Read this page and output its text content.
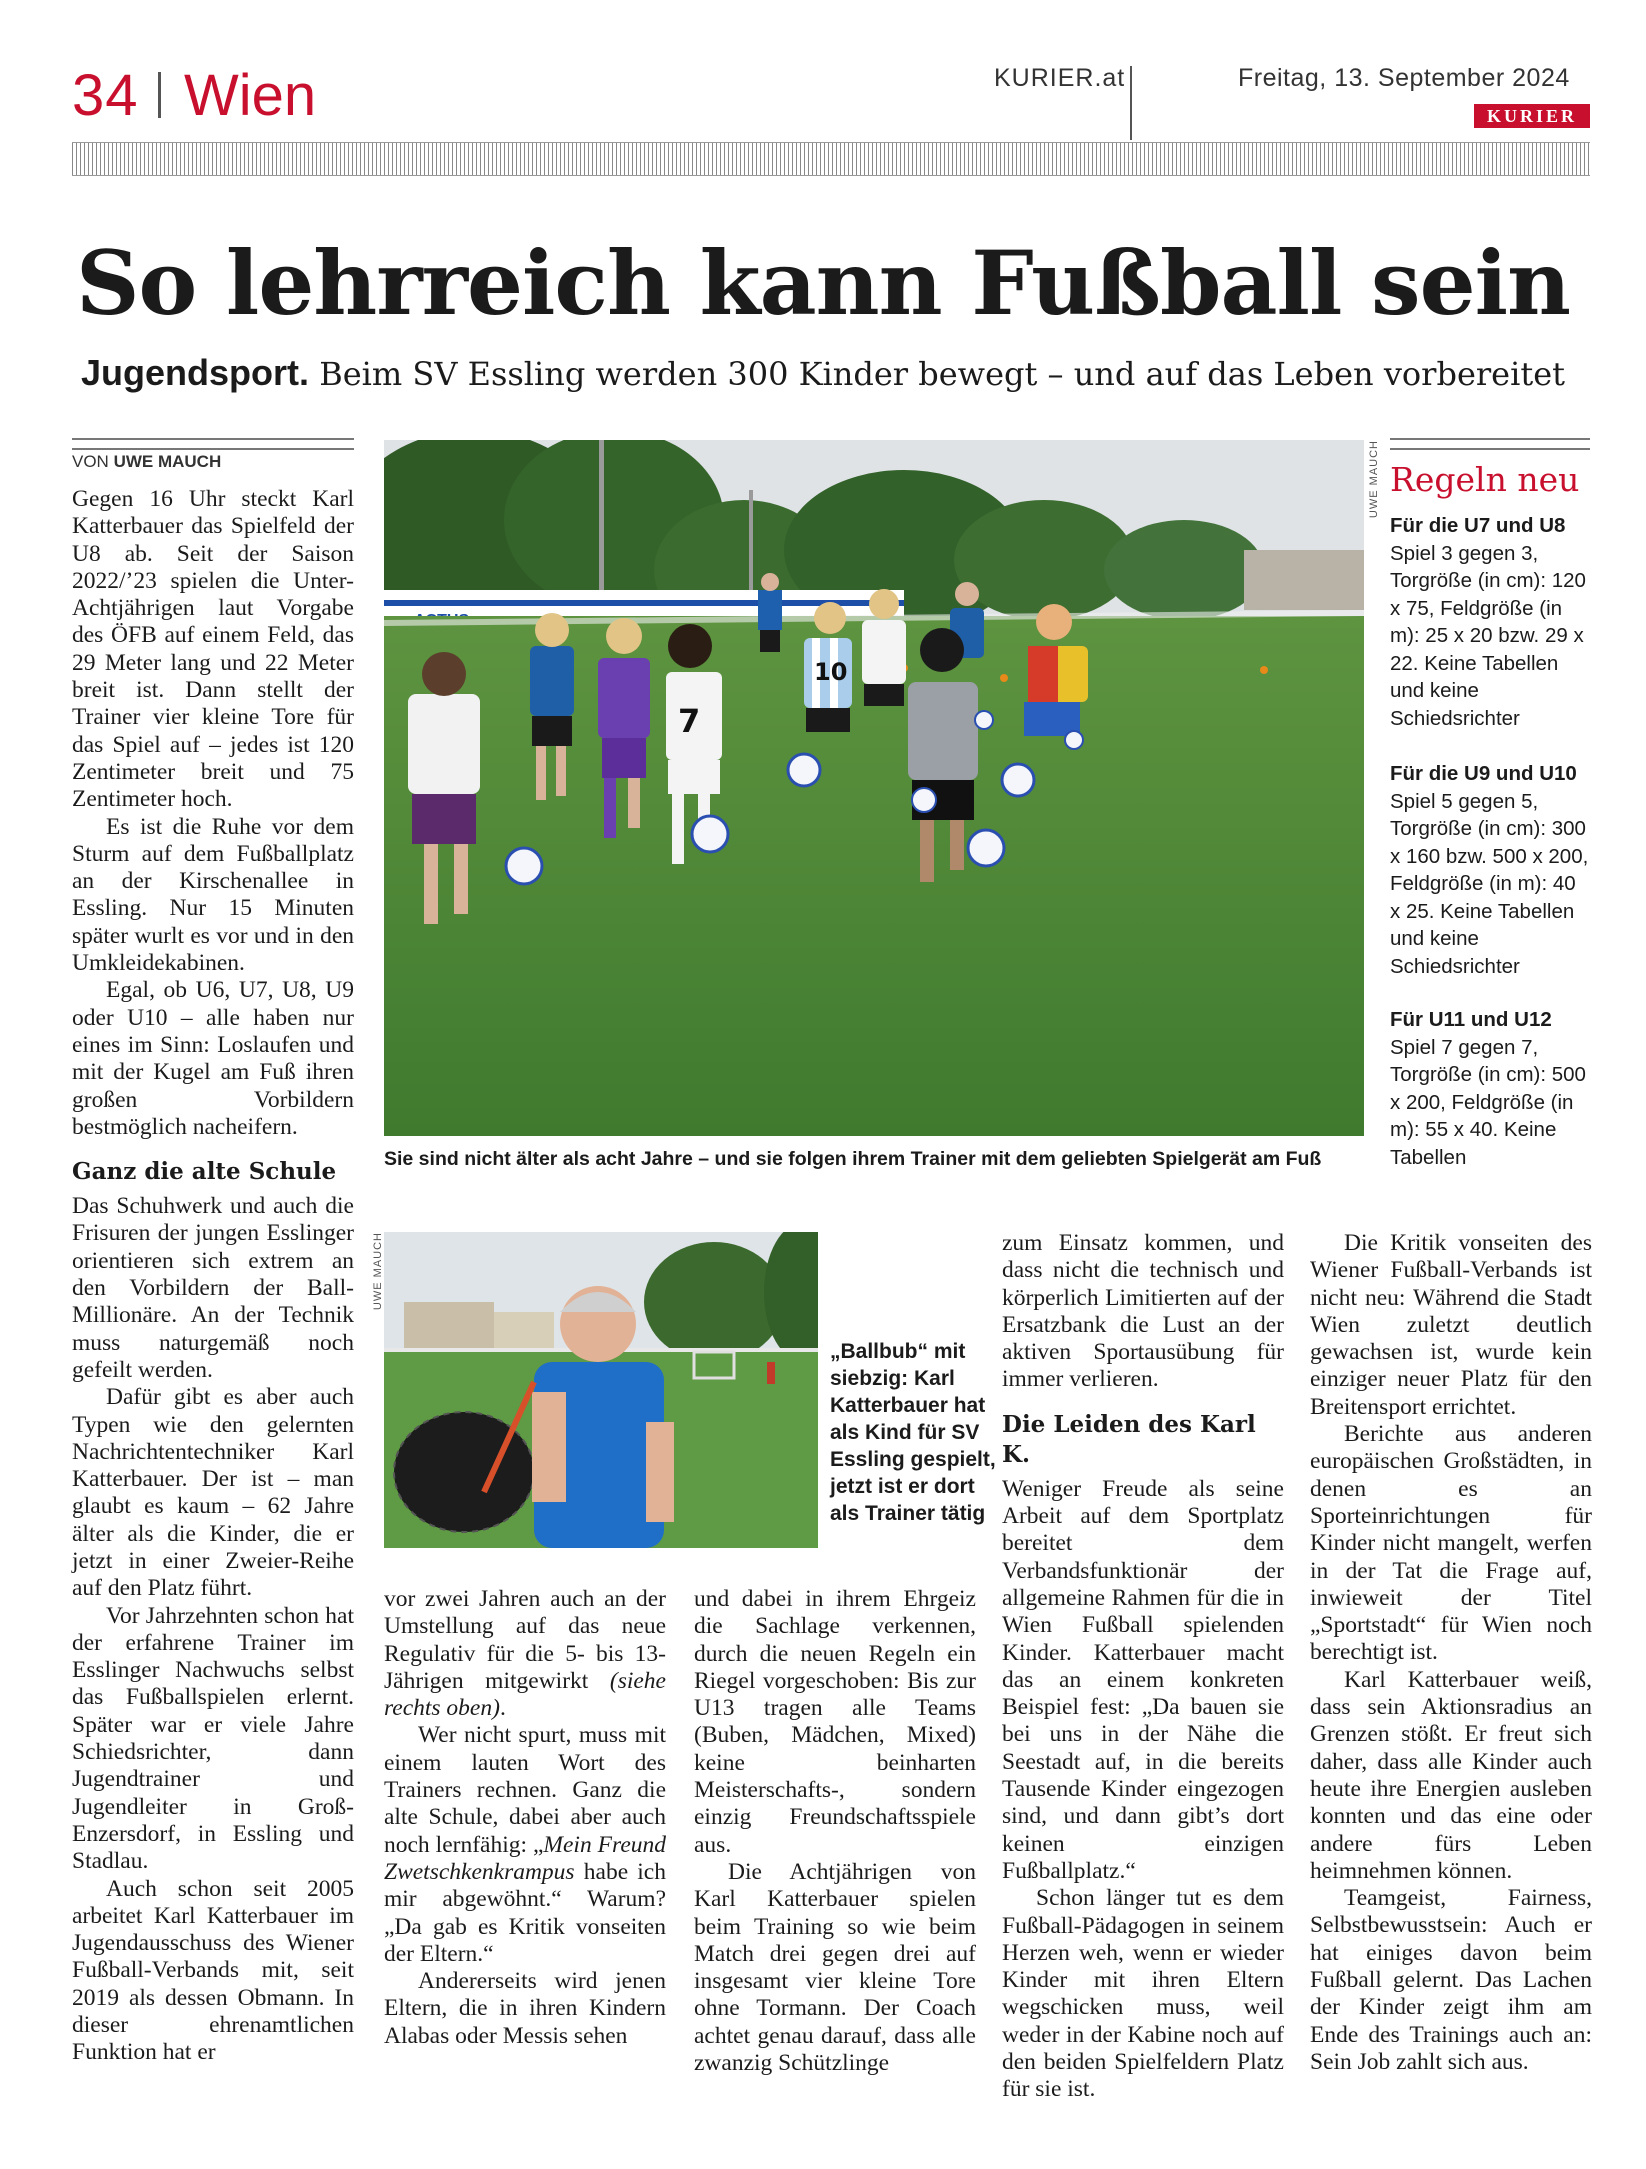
34 Wien	KURIER.at	Freitag, 13. September 2024
KURIER
So lehrreich kann Fußball sein
Jugendsport. Beim SV Essling werden 300 Kinder bewegt – und auf das Leben vorbereitet
VON UWE MAUCH

Gegen 16 Uhr steckt Karl Katterbauer das Spielfeld der U8 ab. Seit der Saison 2022/’23 spielen die Unter-Achtjährigen laut Vorgabe des ÖFB auf einem Feld, das 29 Meter lang und 22 Meter breit ist. Dann stellt der Trainer vier kleine Tore für das Spiel auf – jedes ist 120 Zentimeter breit und 75 Zentimeter hoch.

Es ist die Ruhe vor dem Sturm auf dem Fußballplatz an der Kirschenallee in Essling. Nur 15 Minuten später wurlt es vor und in den Umkleidekabinen.

Egal, ob U6, U7, U8, U9 oder U10 – alle haben nur eines im Sinn: Loslaufen und mit der Kugel am Fuß ihren großen Vorbildern bestmöglich nacheifern.

Ganz die alte Schule

Das Schuhwerk und auch die Frisuren der jungen Esslinger orientieren sich extrem an den Vorbildern der Ball-Millionäre. An der Technik muss naturgemäß noch gefeilt werden.

Dafür gibt es aber auch Typen wie den gelernten Nachrichtentechniker Karl Katterbauer. Der ist – man glaubt es kaum – 62 Jahre älter als die Kinder, die er jetzt in einer Zweier-Reihe auf den Platz führt.

Vor Jahrzehnten schon hat der erfahrene Trainer im Esslinger Nachwuchs selbst das Fußballspielen erlernt. Später war er viele Jahre Schiedsrichter, dann Jugendtrainer und Jugendleiter in Groß-Enzersdorf, in Essling und Stadlau.

Auch schon seit 2005 arbeitet Karl Katterbauer im Jugendausschuss des Wiener Fußball-Verbands mit, seit 2019 als dessen Obmann. In dieser ehrenamtlichen Funktion hat er

7
10
UWE MAUCH
Sie sind nicht älter als acht Jahre – und sie folgen ihrem Trainer mit dem geliebten Spielgerät am Fuß
Regeln neu
Für die U7 und U8
Spiel 3 gegen 3, Torgröße (in cm): 120 x 75, Feldgröße (in m): 25 x 20 bzw. 29 x 22. Keine Tabellen und keine Schiedsrichter
Für die U9 und U10
Spiel 5 gegen 5, Torgröße (in cm): 300 x 160 bzw. 500 x 200, Feldgröße (in m): 40 x 25. Keine Tabellen und keine Schiedsrichter
Für U11 und U12
Spiel 7 gegen 7, Torgröße (in cm): 500 x 200, Feldgröße (in m): 55 x 40. Keine Tabellen
UWE MAUCH
„Ballbub“ mit siebzig: Karl Katterbauer hat als Kind für SV Essling gespielt, jetzt ist er dort als Trainer tätig

vor zwei Jahren auch an der Umstellung auf das neue Regulativ für die 5- bis 13-Jährigen mitgewirkt (siehe rechts oben).

Wer nicht spurt, muss mit einem lauten Wort des Trainers rechnen. Ganz die alte Schule, dabei aber auch noch lernfähig: „Mein Freund Zwetschkenkrampus habe ich mir abgewöhnt.“ Warum? „Da gab es Kritik vonseiten der Eltern.“

Andererseits wird jenen Eltern, die in ihren Kindern Alabas oder Messis sehen

und dabei in ihrem Ehrgeiz die Sachlage verkennen, durch die neuen Regeln ein Riegel vorgeschoben: Bis zur U13 tragen alle Teams (Buben, Mädchen, Mixed) keine beinharten Meisterschafts-, sondern einzig Freundschaftsspiele aus.

Die Achtjährigen von Karl Katterbauer spielen beim Training so wie beim Match drei gegen drei auf insgesamt vier kleine Tore ohne Tormann. Der Coach achtet genau darauf, dass alle zwanzig Schützlinge

zum Einsatz kommen, und dass nicht die technisch und körperlich Limitierten auf der Ersatzbank die Lust an der aktiven Sportausübung für immer verlieren.

Die Leiden des Karl K.

Weniger Freude als seine Arbeit auf dem Sportplatz bereitet dem Verbandsfunktionär der allgemeine Rahmen für die in Wien Fußball spielenden Kinder. Katterbauer macht das an einem konkreten Beispiel fest: „Da bauen sie bei uns in der Nähe die Seestadt auf, in die bereits Tausende Kinder eingezogen sind, und dann gibt’s dort keinen einzigen Fußballplatz.“

Schon länger tut es dem Fußball-Pädagogen in seinem Herzen weh, wenn er wieder Kinder mit ihren Eltern wegschicken muss, weil weder in der Kabine noch auf den beiden Spielfeldern Platz für sie ist.

Die Kritik vonseiten des Wiener Fußball-Verbands ist nicht neu: Während die Stadt Wien zuletzt deutlich gewachsen ist, wurde kein einziger neuer Platz für den Breitensport errichtet.

Berichte aus anderen europäischen Großstädten, in denen es an Sporteinrichtungen für Kinder nicht mangelt, werfen in der Tat die Frage auf, inwieweit der Titel „Sportstadt“ für Wien noch berechtigt ist.

Karl Katterbauer weiß, dass sein Aktionsradius an Grenzen stößt. Er freut sich daher, dass alle Kinder auch heute ihre Energien ausleben konnten und das eine oder andere fürs Leben heimnehmen können.

Teamgeist, Fairness, Selbstbewusstsein: Auch er hat einiges davon beim Fußball gelernt. Das Lachen der Kinder zeigt ihm am Ende des Trainings auch an: Sein Job zahlt sich aus.
